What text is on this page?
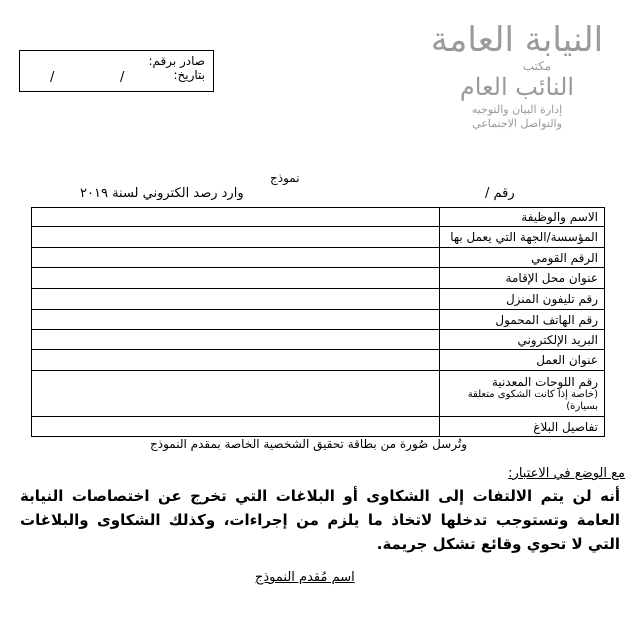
النيابة العامة
مكتب
النائب العام
إدارة البيان والتوجيه
والتواصل الاجتماعي
صادر برقم:
بتاريخ:
/
/
نموذج
رقم /
وارد رصد الكتروني لسنة ٢٠١٩
الاسم والوظيفة	
المؤسسة/الجهة التي يعمل بها	
الرقم القومي	
عنوان محل الإقامة	
رقم تليفون المنزل	
رقم الهاتف المحمول	
البريد الإلكتروني	
عنوان العمل	
رقم اللوحات المعدنية
(خاصة إذا كانت الشكوى متعلقة بسيارة)	

تفاصيل البلاغ	
وتُرسل صُورة من بطاقة تحقيق الشخصية الخاصة بمقدم النموذج
مع الوضع في الاعتبار:
أنه لن يتم الالتفات إلى الشكاوى أو البلاغات التي تخرج عن اختصاصات النيابة العامة وتستوجب تدخلها لاتخاذ ما يلزم من إجراءات، وكذلك الشكاوى والبلاغات التي لا تحوي وقائع تشكل جريمة.
اسم مُقدم النموذج
